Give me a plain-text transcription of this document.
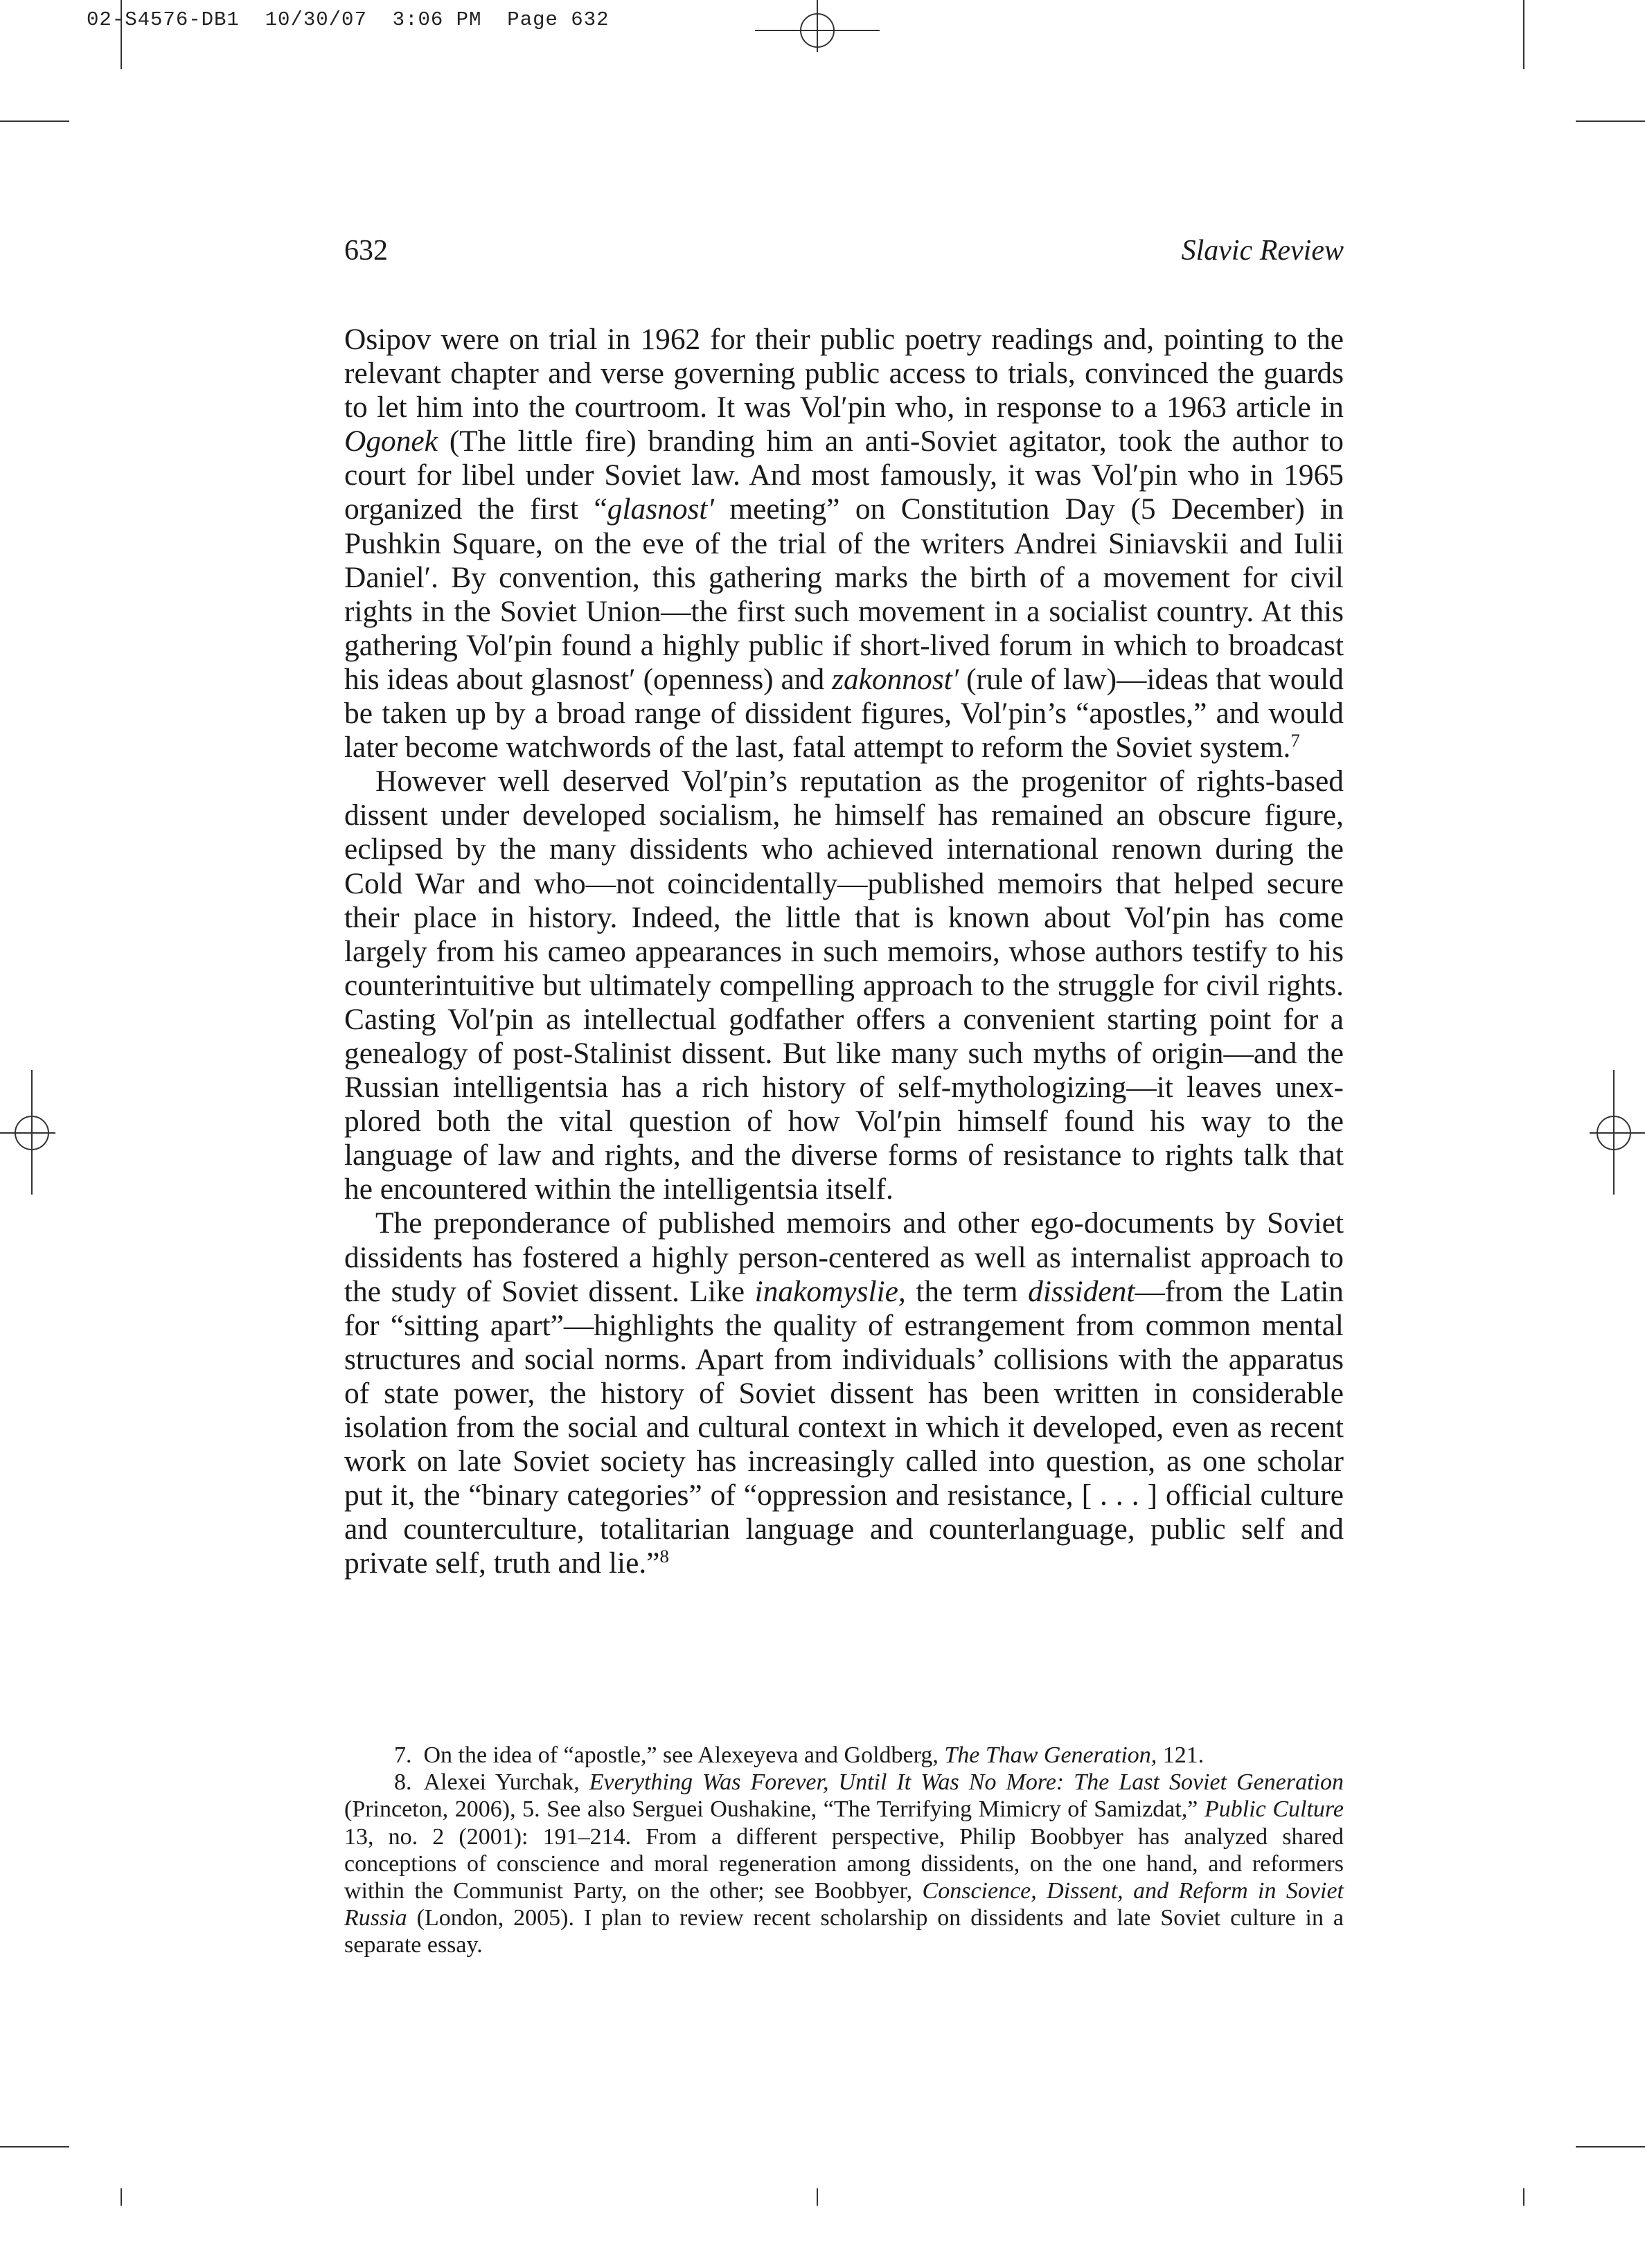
02-S4576-DB1  10/30/07  3:06 PM  Page 632
632	Slavic Review

Osipov were on trial in 1962 for their public poetry readings and, pointing to the relevant chapter and verse governing public access to trials, convinced the guards to let him into the courtroom. It was Vol′pin who, in response to a 1963 article in Ogonek (The little fire) branding him an anti-Soviet agitator, took the author to court for libel under Soviet law. And most famously, it was Vol′pin who in 1965 organized the first “glasnost′ meeting” on Constitution Day (5 December) in Pushkin Square, on the eve of the trial of the writers Andrei Siniavskii and Iulii Daniel′. By convention, this gathering marks the birth of a movement for civil rights in the Soviet Union—the first such movement in a socialist country. At this gathering Vol′pin found a highly public if short-lived forum in which to broadcast his ideas about glasnost′ (openness) and zakonnost′ (rule of law)—ideas that would be taken up by a broad range of dissident figures, Vol′pin’s “apostles,” and would later become watchwords of the last, fatal attempt to reform the Soviet system.$^7$

However well deserved Vol′pin’s reputation as the progenitor of rights-based dissent under developed socialism, he himself has remained an obscure figure, eclipsed by the many dissidents who achieved international renown during the Cold War and who—not coincidentally—published memoirs that helped secure their place in history. Indeed, the little that is known about Vol′pin has come largely from his cameo appearances in such memoirs, whose authors testify to his counterintuitive but ultimately compelling approach to the struggle for civil rights. Casting Vol′pin as intellectual godfather offers a convenient starting point for a genealogy of post-Stalinist dissent. But like many such myths of origin—and the Russian intelligentsia has a rich history of self-mythologizing—it leaves unexplored both the vital question of how Vol′pin himself found his way to the language of law and rights, and the diverse forms of resistance to rights talk that he encountered within the intelligentsia itself.

The preponderance of published memoirs and other ego-documents by Soviet dissidents has fostered a highly person-centered as well as internalist approach to the study of Soviet dissent. Like inakomyslie, the term dissident—from the Latin for “sitting apart”—highlights the quality of estrangement from common mental structures and social norms. Apart from individuals’ collisions with the apparatus of state power, the history of Soviet dissent has been written in considerable isolation from the social and cultural context in which it developed, even as recent work on late Soviet society has increasingly called into question, as one scholar put it, the “binary categories” of “oppression and resistance, [ . . . ] official culture and counterculture, totalitarian language and counterlanguage, public self and private self, truth and lie.”$^8$

7. On the idea of “apostle,” see Alexeyeva and Goldberg, The Thaw Generation, 121.

8. Alexei Yurchak, Everything Was Forever, Until It Was No More: The Last Soviet Generation (Princeton, 2006), 5. See also Serguei Oushakine, “The Terrifying Mimicry of Samizdat,” Public Culture 13, no. 2 (2001): 191–214. From a different perspective, Philip Boobbyer has analyzed shared conceptions of conscience and moral regeneration among dissidents, on the one hand, and reformers within the Communist Party, on the other; see Boobbyer, Conscience, Dissent, and Reform in Soviet Russia (London, 2005). I plan to review recent scholarship on dissidents and late Soviet culture in a separate essay.
